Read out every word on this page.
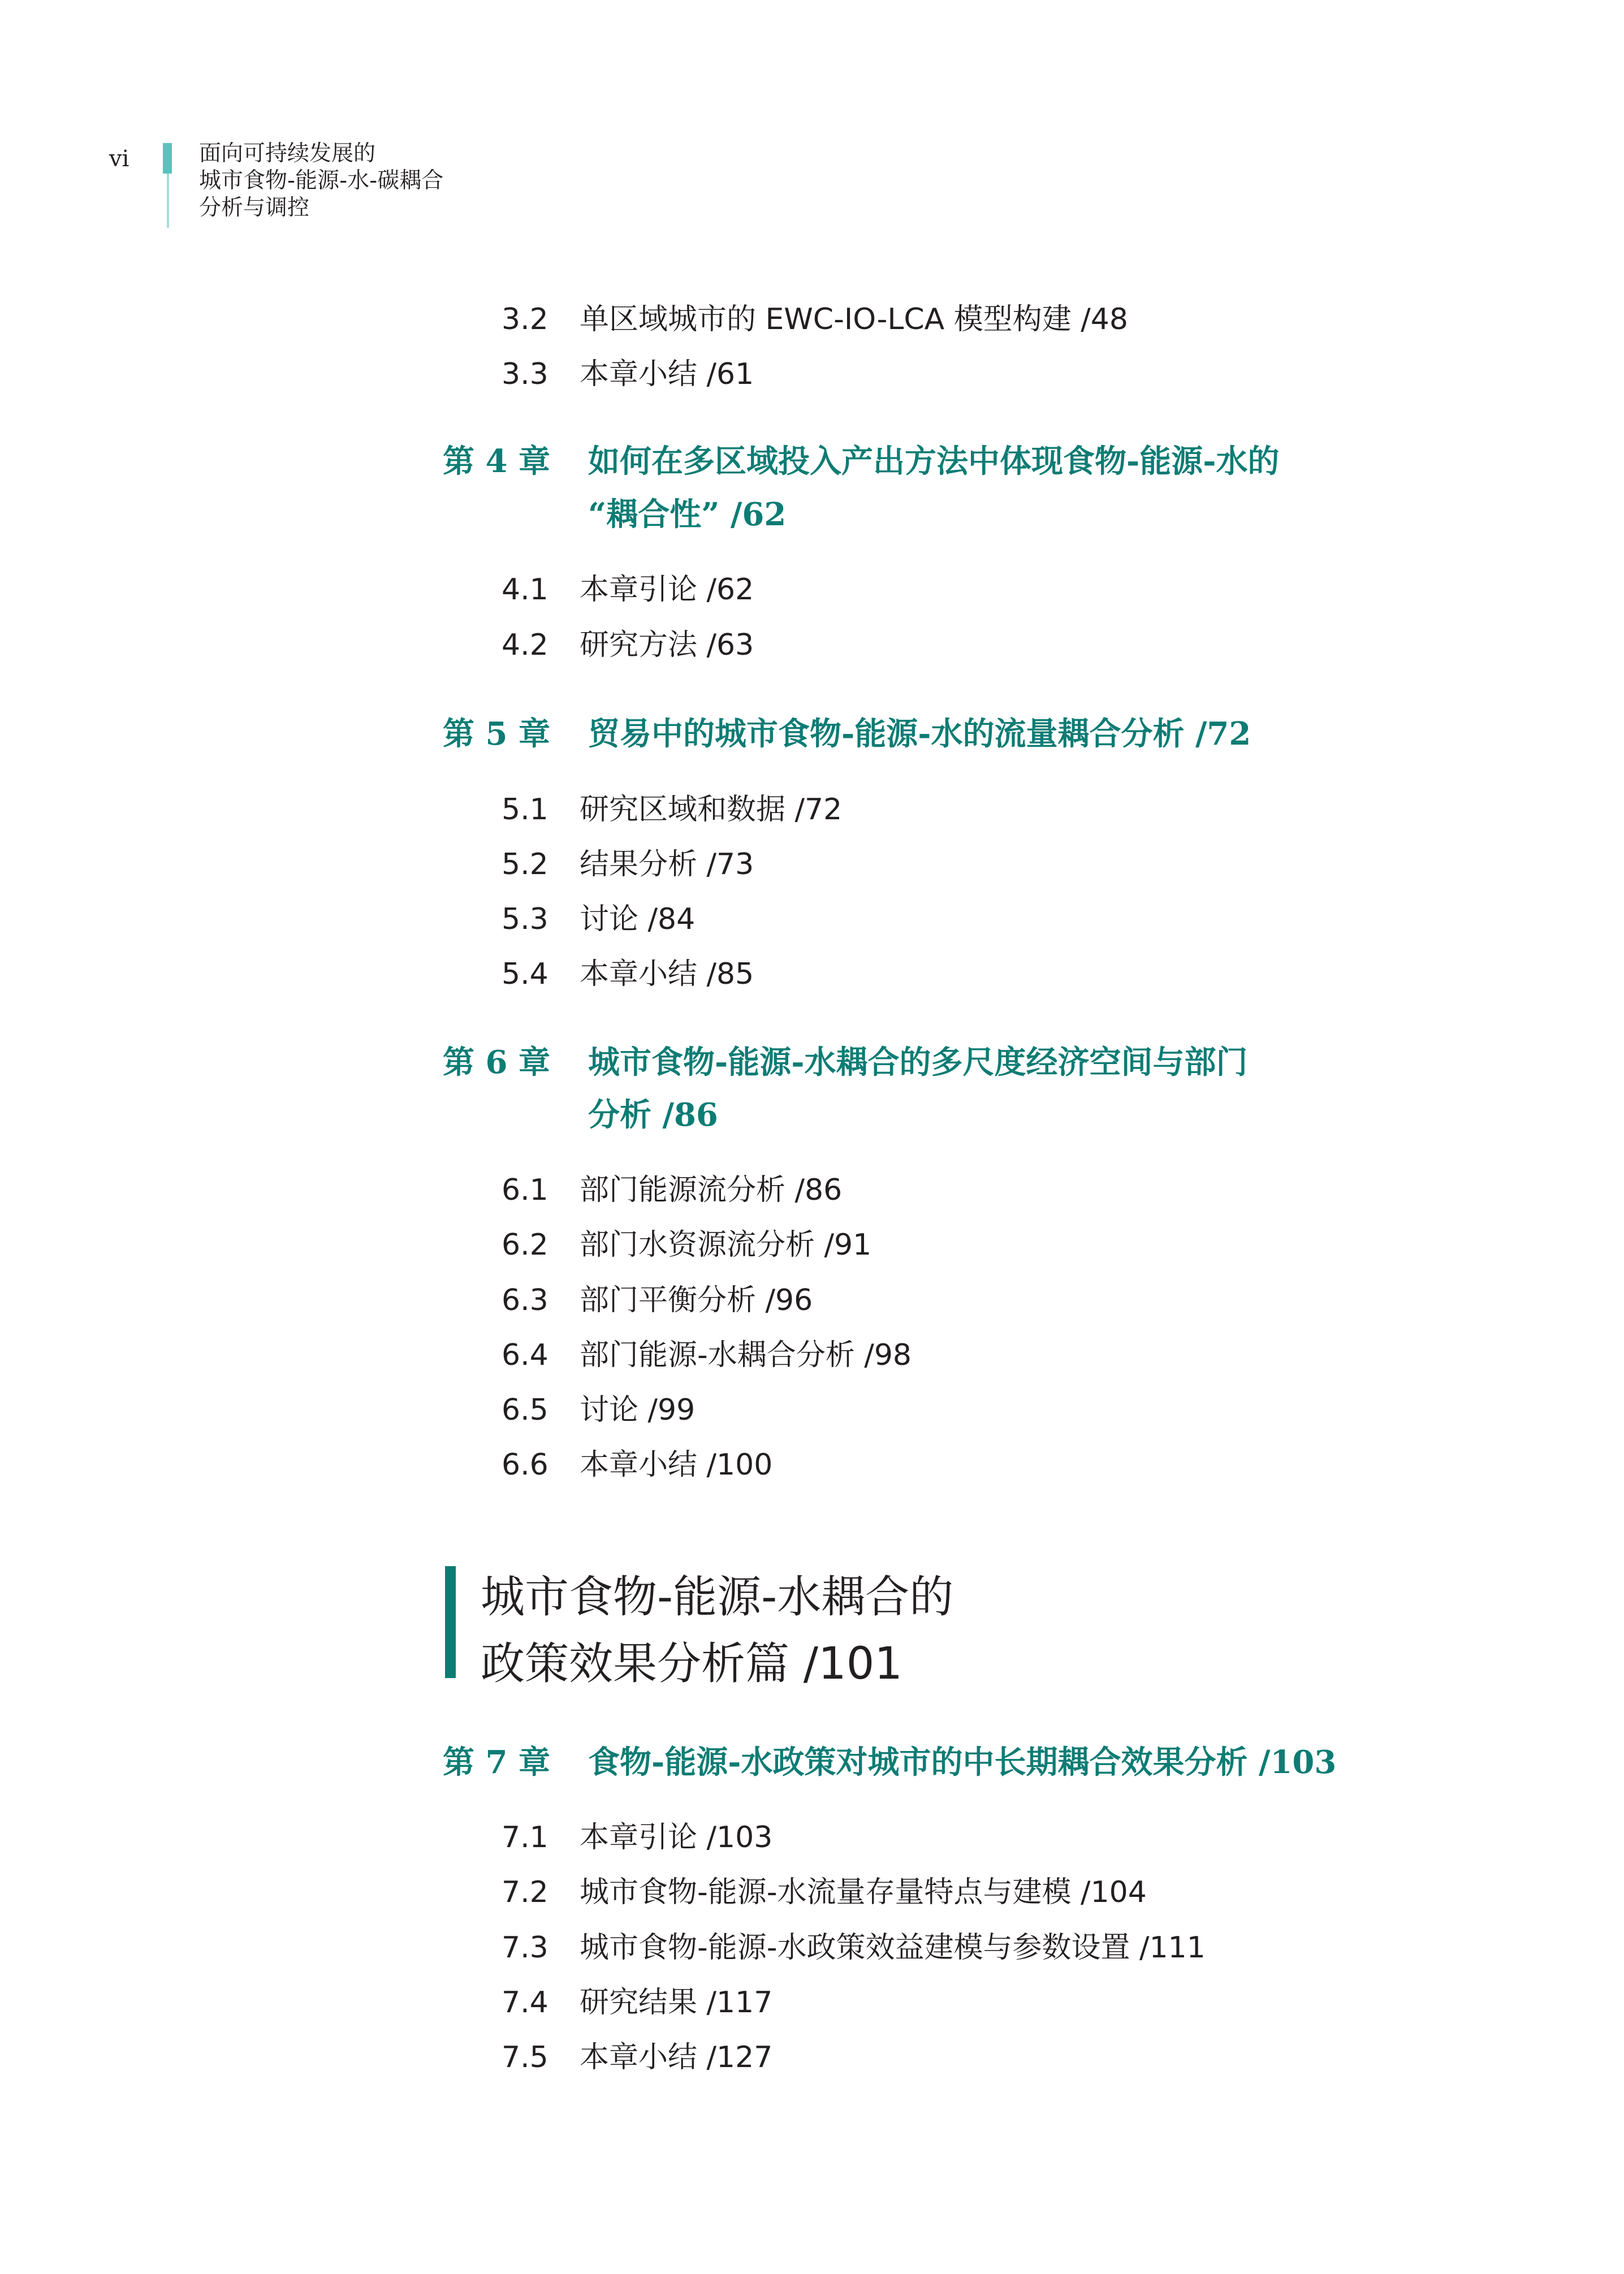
vi	面向可持续发展的
城市食物-能源-水-碳耦合
分析与调控
3.2 单区域城市的 EWC-IO-LCA 模型构建 /48
3.3 本章小结 /61
第 4 章 如何在多区域投入产出方法中体现食物-能源-水的
“耦合性” /62
4.1 本章引论 /62
4.2 研究方法 /63
第 5 章 贸易中的城市食物-能源-水的流量耦合分析 /72
5.1 研究区域和数据 /72
5.2 结果分析 /73
5.3 讨论 /84
5.4 本章小结 /85
第 6 章 城市食物-能源-水耦合的多尺度经济空间与部门
分析 /86
6.1 部门能源流分析 /86
6.2 部门水资源流分析 /91
6.3 部门平衡分析 /96
6.4 部门能源-水耦合分析 /98
6.5 讨论 /99
6.6 本章小结 /100
城市食物-能源-水耦合的
政策效果分析篇 /101
第 7 章 食物-能源-水政策对城市的中长期耦合效果分析 /103
7.1 本章引论 /103
7.2 城市食物-能源-水流量存量特点与建模 /104
7.3 城市食物-能源-水政策效益建模与参数设置 /111
7.4 研究结果 /117
7.5 本章小结 /127
